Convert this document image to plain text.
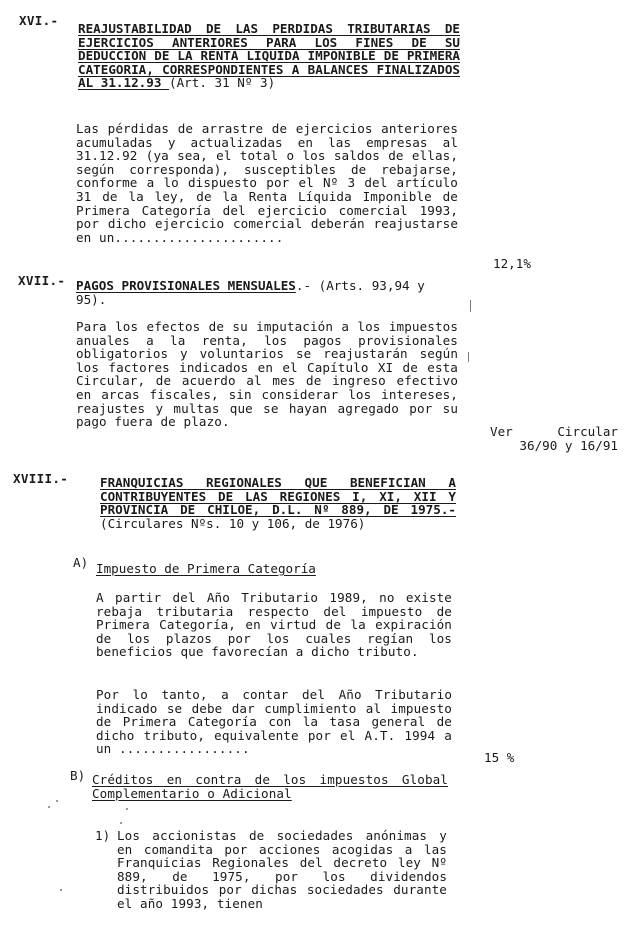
XVI.-
REAJUSTABILIDAD DE LAS PERDIDAS TRIBUTARIAS DE EJERCICIOS ANTERIORES PARA LOS FINES DE SU DEDUCCION DE LA RENTA LIQUIDA IMPONIBLE DE PRIMERA CATEGORIA, CORRESPONDIENTES A BALANCES FINALIZADOS AL 31.12.93 (Art. 31 Nº 3)
Las pérdidas de arrastre de ejercicios anteriores acumuladas y actualizadas en las empresas al 31.12.92 (ya sea, el total o los saldos de ellas, según corresponda), susceptibles de rebajarse, conforme a lo dispuesto por el Nº 3 del artículo 31 de la ley, de la Renta Líquida Imponible de Primera Categoría del ejercicio comercial 1993, por dicho ejercicio comercial deberán reajustarse en un......................
12,1%
XVII.- PAGOS PROVISIONALES MENSUALES.- (Arts. 93,94 y 95).
Para los efectos de su imputación a los impuestos anuales a la renta, los pagos provisionales obligatorios y voluntarios se reajustarán según los factores indicados en el Capítulo XI de esta Circular, de acuerdo al mes de ingreso efectivo en arcas fiscales, sin considerar los intereses, reajustes y multas que se hayan agregado por su pago fuera de plazo.
Ver Circular 36/90 y 16/91
XVIII.-	FRANQUICIAS REGIONALES QUE BENEFICIAN A CONTRIBUYENTES DE LAS REGIONES I, XI, XII Y PROVINCIA DE CHILOE, D.L. Nº 889, DE 1975.- (Circulares Nºs. 10 y 106, de 1976)
A) Impuesto de Primera Categoría
A partir del Año Tributario 1989, no existe rebaja tributaria respecto del impuesto de Primera Categoría, en virtud de la expiración de los plazos por los cuales regían los beneficios que favorecían a dicho tributo.
Por lo tanto, a contar del Año Tributario indicado se debe dar cumplimiento al impuesto de Primera Categoría con la tasa general de dicho tributo, equivalente por el A.T. 1994 a un .................
15 %
B) Créditos en contra de los impuestos Global Complementario o Adicional
1) Los accionistas de sociedades anónimas y en comandita por acciones acogidas a las Franquicias Regionales del decreto ley Nº 889, de 1975, por los dividendos distribuidos por dichas sociedades durante el año 1993, tienen
